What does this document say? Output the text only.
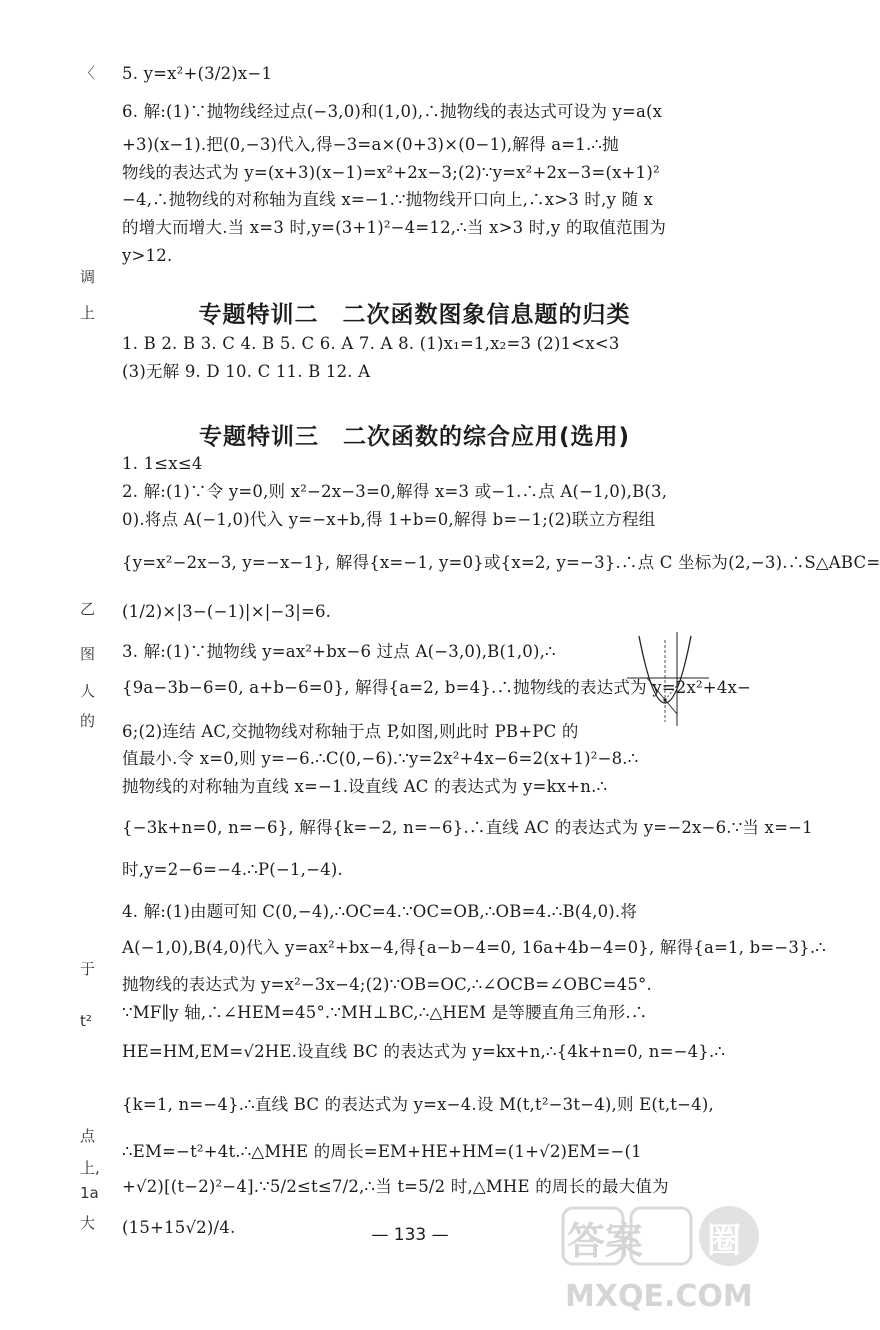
〈
调
上
乙
图
人
的
于
t²
点
上,
1a
大
5. y=x²+(3/2)x−1
6. 解:(1)∵抛物线经过点(−3,0)和(1,0),∴抛物线的表达式可设为 y=a(x
+3)(x−1).把(0,−3)代入,得−3=a×(0+3)×(0−1),解得 a=1.∴抛
物线的表达式为 y=(x+3)(x−1)=x²+2x−3;(2)∵y=x²+2x−3=(x+1)²
−4,∴抛物线的对称轴为直线 x=−1.∵抛物线开口向上,∴x>3 时,y 随 x
的增大而增大.当 x=3 时,y=(3+1)²−4=12,∴当 x>3 时,y 的取值范围为
y>12.
专题特训二　二次函数图象信息题的归类
1. B 2. B 3. C 4. B 5. C 6. A 7. A 8. (1)x₁=1,x₂=3 (2)1<x<3
(3)无解 9. D 10. C 11. B 12. A
专题特训三　二次函数的综合应用(选用)
1. 1≤x≤4
2. 解:(1)∵令 y=0,则 x²−2x−3=0,解得 x=3 或−1.∴点 A(−1,0),B(3,
0).将点 A(−1,0)代入 y=−x+b,得 1+b=0,解得 b=−1;(2)联立方程组
{y=x²−2x−3, y=−x−1}, 解得{x=−1, y=0}或{x=2, y=−3}.∴点 C 坐标为(2,−3).∴S△ABC=
(1/2)×|3−(−1)|×|−3|=6.
3. 解:(1)∵抛物线 y=ax²+bx−6 过点 A(−3,0),B(1,0),∴
{9a−3b−6=0, a+b−6=0}, 解得{a=2, b=4}.∴抛物线的表达式为 y=2x²+4x−
6;(2)连结 AC,交抛物线对称轴于点 P,如图,则此时 PB+PC 的
值最小.令 x=0,则 y=−6.∴C(0,−6).∵y=2x²+4x−6=2(x+1)²−8.∴
抛物线的对称轴为直线 x=−1.设直线 AC 的表达式为 y=kx+n.∴
{−3k+n=0, n=−6}, 解得{k=−2, n=−6}.∴直线 AC 的表达式为 y=−2x−6.∵当 x=−1
时,y=2−6=−4.∴P(−1,−4).
4. 解:(1)由题可知 C(0,−4),∴OC=4.∵OC=OB,∴OB=4.∴B(4,0).将
A(−1,0),B(4,0)代入 y=ax²+bx−4,得{a−b−4=0, 16a+4b−4=0}, 解得{a=1, b=−3}.∴
抛物线的表达式为 y=x²−3x−4;(2)∵OB=OC,∴∠OCB=∠OBC=45°.
∵MF∥y 轴,∴∠HEM=45°.∵MH⊥BC,∴△HEM 是等腰直角三角形.∴
HE=HM,EM=√2HE.设直线 BC 的表达式为 y=kx+n,∴{4k+n=0, n=−4}.∴
{k=1, n=−4}.∴直线 BC 的表达式为 y=x−4.设 M(t,t²−3t−4),则 E(t,t−4),
∴EM=−t²+4t.∴△MHE 的周长=EM+HE+HM=(1+√2)EM=−(1
+√2)[(t−2)²−4].∵5/2≤t≤7/2,∴当 t=5/2 时,△MHE 的周长的最大值为
(15+15√2)/4.	— 133 —	答案 圈
MXQE.COM
